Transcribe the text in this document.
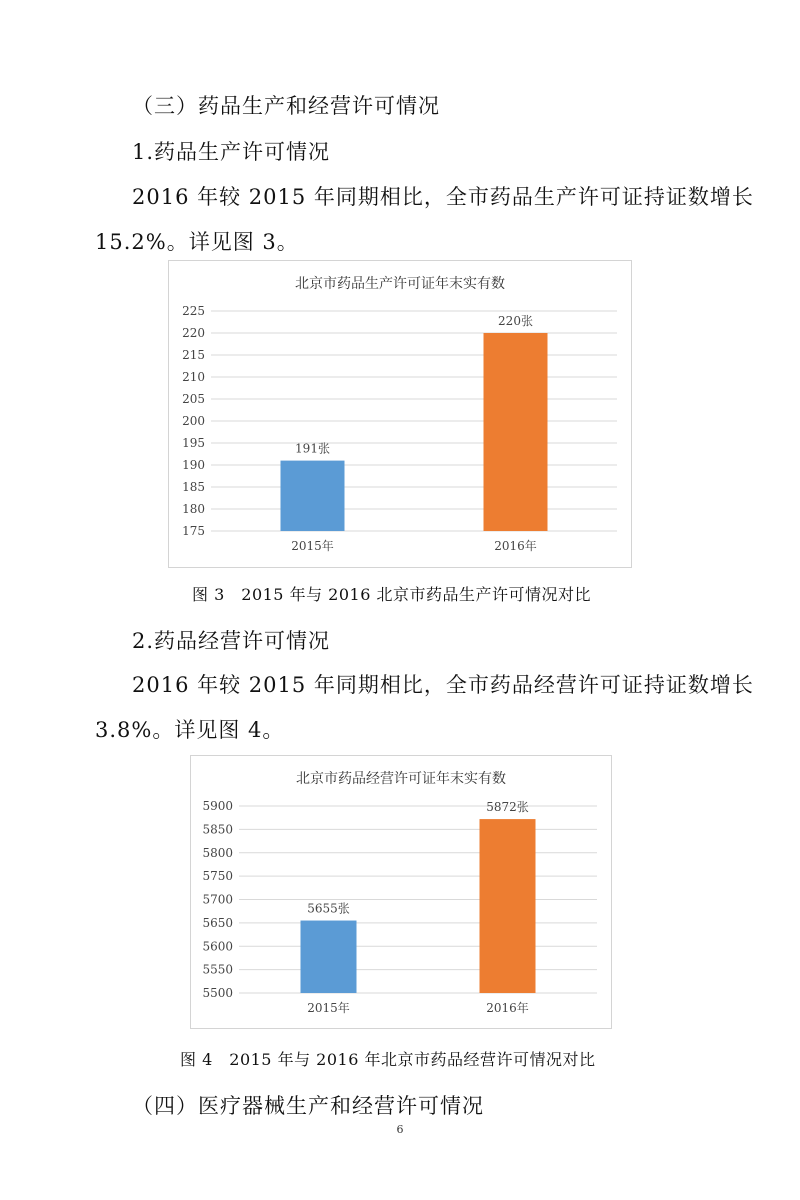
（三）药品生产和经营许可情况
1.药品生产许可情况
2016 年较 2015 年同期相比，全市药品生产许可证持证数增长
15.2%。详见图 3。
北京市药品生产许可证年末实有数
175
180
185
190
195
200
205
210
215
220
225
191张
2015年
220张
2016年
图 3　2015 年与 2016 北京市药品生产许可情况对比
2.药品经营许可情况
2016 年较 2015 年同期相比，全市药品经营许可证持证数增长
3.8%。详见图 4。
北京市药品经营许可证年末实有数
5500
5550
5600
5650
5700
5750
5800
5850
5900
5655张
2015年
5872张
2016年
图 4　2015 年与 2016 年北京市药品经营许可情况对比
（四）医疗器械生产和经营许可情况
6
